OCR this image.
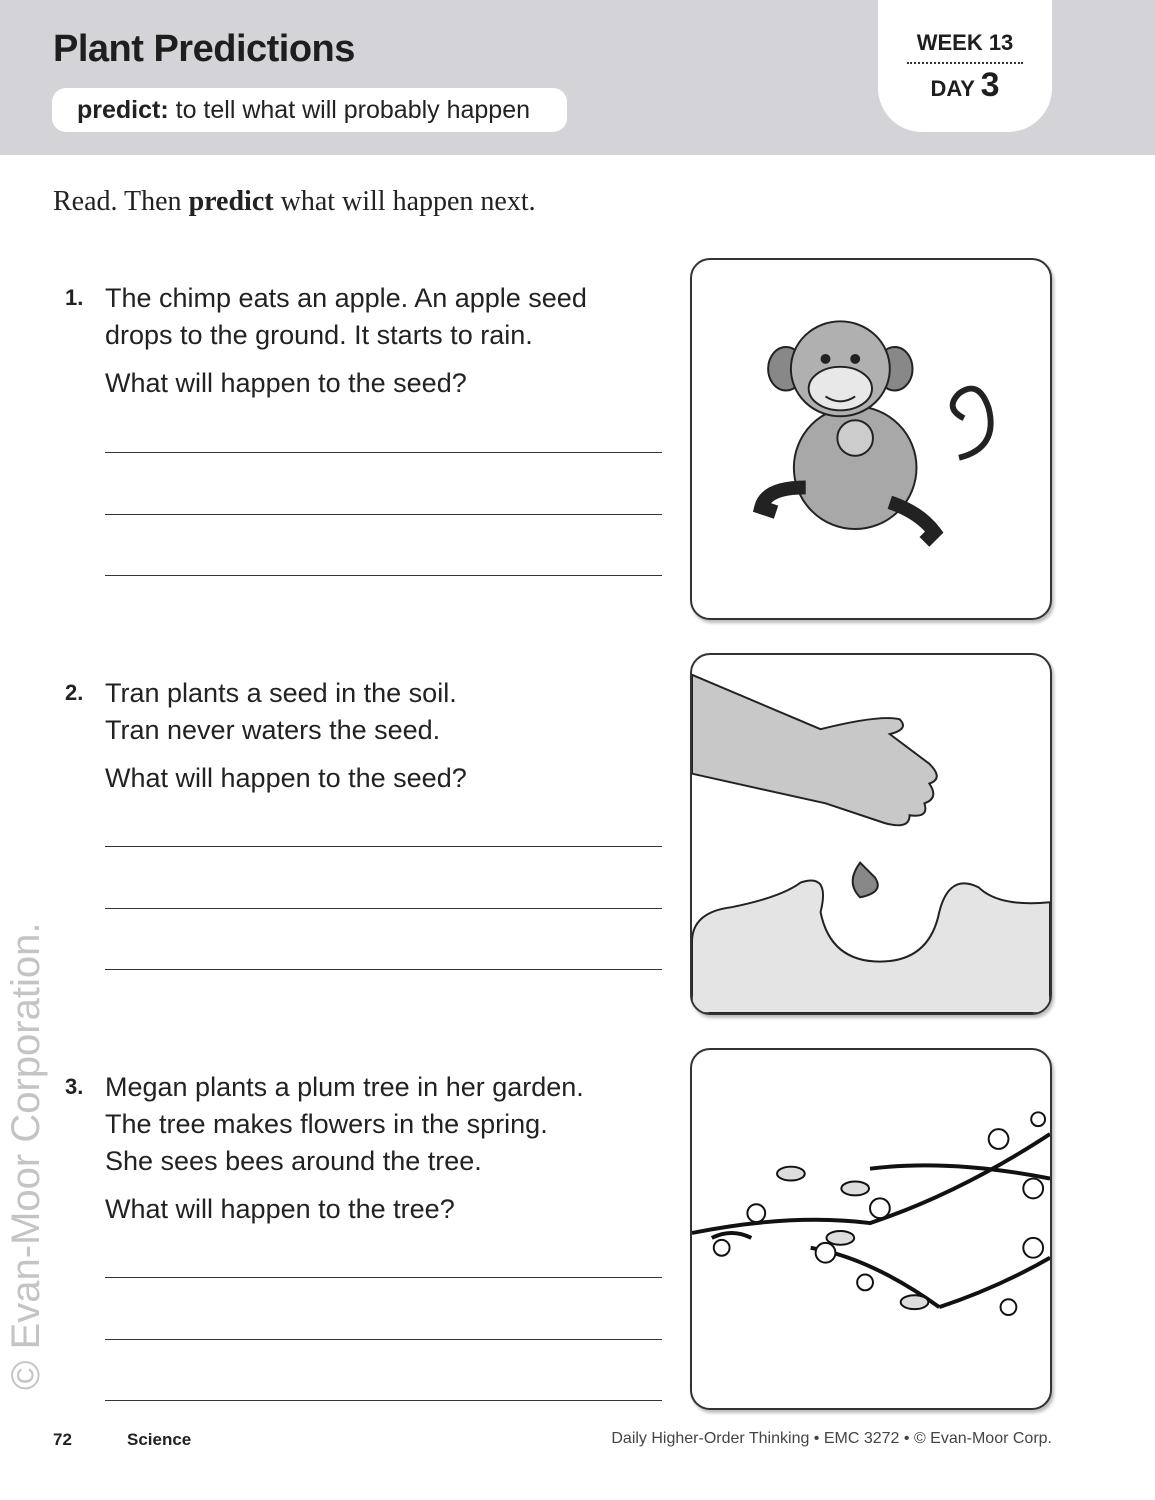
Plant Predictions
predict: to tell what will probably happen
WEEK 13
DAY 3
Read. Then predict what will happen next.
1. The chimp eats an apple. An apple seed
drops to the ground. It starts to rain.
What will happen to the seed?
2. Tran plants a seed in the soil.
Tran never waters the seed.
What will happen to the seed?
3. Megan plants a plum tree in her garden.
The tree makes flowers in the spring.
She sees bees around the tree.
What will happen to the tree?
© Evan-Moor Corporation.
72	Science	Daily Higher-Order Thinking • EMC 3272 • © Evan-Moor Corp.
